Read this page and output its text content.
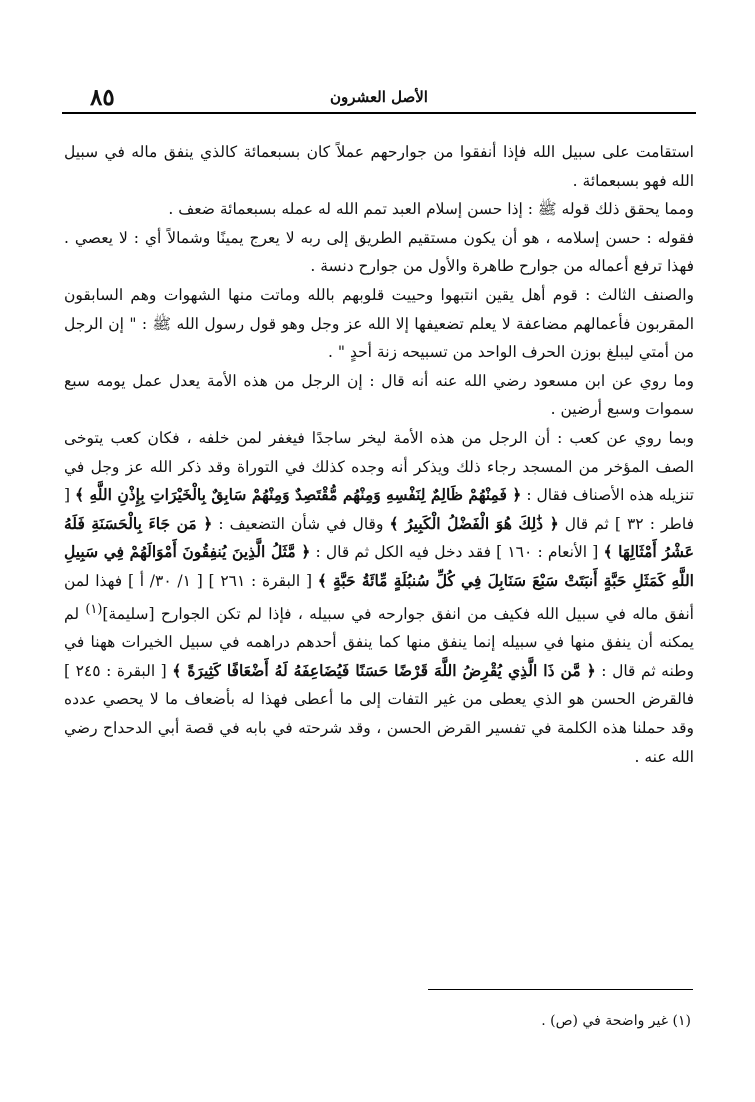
٨٥	الأصل العشرون

استقامت على سبيل الله فإذا أنفقوا من جوارحهم عملاً كان بسبعمائة كالذي ينفق ماله في سبيل الله فهو بسبعمائة .

ومما يحقق ذلك قوله ﷺ : إذا حسن إسلام العبد تمم الله له عمله بسبعمائة ضعف .

فقوله : حسن إسلامه ، هو أن يكون مستقيم الطريق إلى ربه لا يعرج يمينًا وشمالاً أي : لا يعصي . فهذا ترفع أعماله من جوارح طاهرة والأول من جوارح دنسة .

والصنف الثالث : قوم أهل يقين انتبهوا وحييت قلوبهم بالله وماتت منها الشهوات وهم السابقون المقربون فأعمالهم مضاعفة لا يعلم تضعيفها إلا الله عز وجل وهو قول رسول الله ﷺ : " إن الرجل من أمتي ليبلغ بوزن الحرف الواحد من تسبيحه زنة أحدٍ " .

وما روي عن ابن مسعود رضي الله عنه أنه قال : إن الرجل من هذه الأمة يعدل عمل يومه سبع سموات وسبع أرضين .

وبما روي عن كعب : أن الرجل من هذه الأمة ليخر ساجدًا فيغفر لمن خلفه ، فكان كعب يتوخى الصف المؤخر من المسجد رجاء ذلك ويذكر أنه وجده كذلك في التوراة وقد ذكر الله عز وجل في تنزيله هذه الأصناف فقال : ﴿ فَمِنْهُمْ ظَالِمٌ لِنَفْسِهِ وَمِنْهُم مُّقْتَصِدٌ وَمِنْهُمْ سَابِقٌ بِالْخَيْرَاتِ بِإِذْنِ اللَّهِ ﴾ [ فاطر : ٣٢ ] ثم قال ﴿ ذَٰلِكَ هُوَ الْفَضْلُ الْكَبِيرُ ﴾ وقال في شأن التضعيف : ﴿ مَن جَاءَ بِالْحَسَنَةِ فَلَهُ عَشْرُ أَمْثَالِهَا ﴾ [ الأنعام : ١٦٠ ] فقد دخل فيه الكل ثم قال : ﴿ مَّثَلُ الَّذِينَ يُنفِقُونَ أَمْوَالَهُمْ فِي سَبِيلِ اللَّهِ كَمَثَلِ حَبَّةٍ أَنبَتَتْ سَبْعَ سَنَابِلَ فِي كُلِّ سُنبُلَةٍ مِّائَةُ حَبَّةٍ ﴾ [ البقرة : ٢٦١ ] [ ١/ ٣٠/ أ ] فهذا لمن أنفق ماله في سبيل الله فكيف من انفق جوارحه في سبيله ، فإذا لم تكن الجوارح [سليمة]$^{(١)}$ لم يمكنه أن ينفق منها في سبيله إنما ينفق منها كما ينفق أحدهم دراهمه في سبيل الخيرات ههنا في وطنه ثم قال : ﴿ مَّن ذَا الَّذِي يُقْرِضُ اللَّهَ قَرْضًا حَسَنًا فَيُضَاعِفَهُ لَهُ أَضْعَافًا كَثِيرَةً ﴾ [ البقرة : ٢٤٥ ] فالقرض الحسن هو الذي يعطى من غير التفات إلى ما أعطى فهذا له بأضعاف ما لا يحصي عدده وقد حملنا هذه الكلمة في تفسير القرض الحسن ، وقد شرحته في بابه في قصة أبي الدحداح رضي الله عنه .

(١) غير واضحة في (ص) .
